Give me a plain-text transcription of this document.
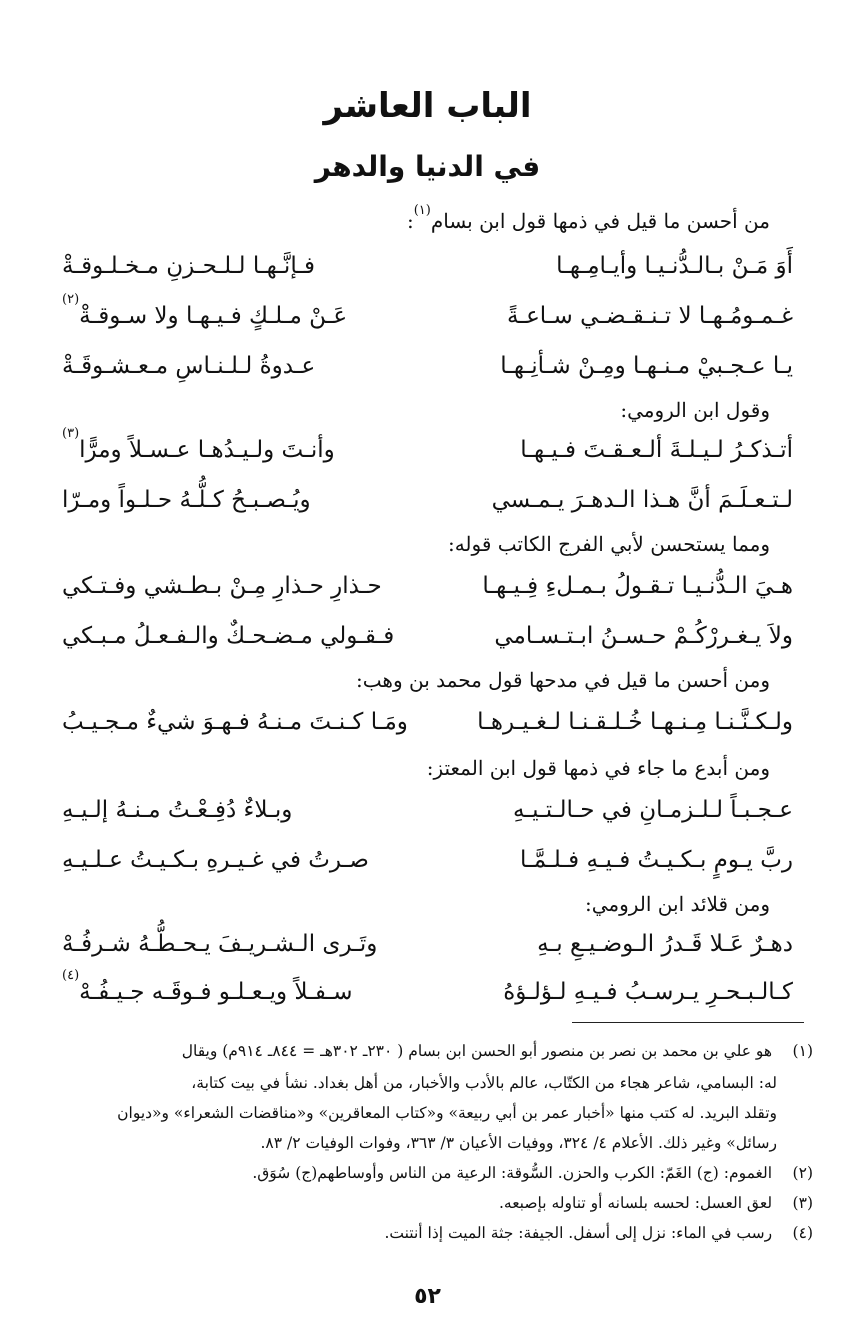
الباب العاشر
في الدنيا والدهر
من أحسن ما قيل في ذمها قول ابن بسام$^{(١)}$:
أَوَ مَـنْ بـالـدُّنـيـا وأيـامِـهـا
فـإنَّـهـا لـلـحـزنِ مـخـلـوقـةْ
غـمـومُـهـا لا تـنـقـضـي سـاعـةً
عَـنْ مـلـكٍ فـيـهـا ولا سـوقـةْ$^{(٢)}$
يـا عـجـبيْ مـنـهـا ومِـنْ شـأنِـهـا
عـدوةُ لـلـنـاسِ مـعـشـوقَـةْ
وقول ابن الرومي:
أتـذكـرُ لـيـلـةَ ألـعـقـتَ فـيـهـا
وأنـتَ ولـيـدُهـا عـسـلاً ومرًّا$^{(٣)}$
لـتـعـلَـمَ أنَّ هـذا الـدهـرَ يـمـسي
ويُـصـبـحُ كـلُّـهُ حـلـواً ومـرّا
ومما يستحسن لأبي الفرج الكاتب قوله:
هـيَ الـدُّنـيـا تـقـولُ بـمـلءِ فِـيـهـا
حـذارِ حـذارِ مِـنْ بـطـشي وفـتـكي
ولاَ يـغـررْكُـمْ حـسـنُ ابـتـسـامي
فـقـولي مـضـحـكٌ والـفـعـلُ مـبـكي
ومن أحسن ما قيل في مدحها قول محمد بن وهب:
ولـكـنَّـنـا مِـنـهـا خُـلـقـنـا لـغـيـرهـا
ومَـا كـنـتَ مـنـهُ فـهـوَ شيءٌ مـجـيـبُ
ومن أبدع ما جاء في ذمها قول ابن المعتز:
عـجـبـاً لـلـزمـانِ في حـالـتـيـهِ
وبـلاءٌ دُفِـعْـتُ مـنـهُ إلـيـهِ
ربَّ يـومٍ بـكـيـتُ فـيـهِ فـلـمَّـا
صـرتُ في غـيـرهِ بـكـيـتُ عـلـيـهِ
ومن قلائد ابن الرومي:
دهـرٌ عَـلا قَـدرُ الـوضـيـعِ بـهِ
وتَـرى الـشـريـفَ يـحـطُّـهُ شـرفُـهْ
كـالـبـحـرِ يـرسـبُ فـيـهِ لـؤلـؤهُ
سـفـلاً ويـعـلـو فـوقَـه جـيـفُـهْ$^{(٤)}$
(١) هو علي بن محمد بن نصر بن منصور أبو الحسن ابن بسام ( ٢٣٠ـ ٣٠٢هـ = ٨٤٤ـ ٩١٤م) ويقال
له: البسامي، شاعر هجاء من الكتّاب، عالم بالأدب والأخبار، من أهل بغداد. نشأ في بيت كتابة،
وتقلد البريد. له كتب منها «أخبار عمر بن أبي ربيعة» و«كتاب المعاقرين» و«مناقضات الشعراء» و«ديوان
رسائل» وغير ذلك. الأعلام ٤/ ٣٢٤، ووفيات الأعيان ٣/ ٣٦٣، وفوات الوفيات ٢/ ٨٣.
(٢) الغموم: (ج) الغَمّ: الكرب والحزن. السُّوقة: الرعية من الناس وأوساطهم(ج) سُوَق.
(٣) لعق العسل: لحسه بلسانه أو تناوله بإصبعه.
(٤) رسب في الماء: نزل إلى أسفل. الجيفة: جثة الميت إذا أنتنت.
٥٢
